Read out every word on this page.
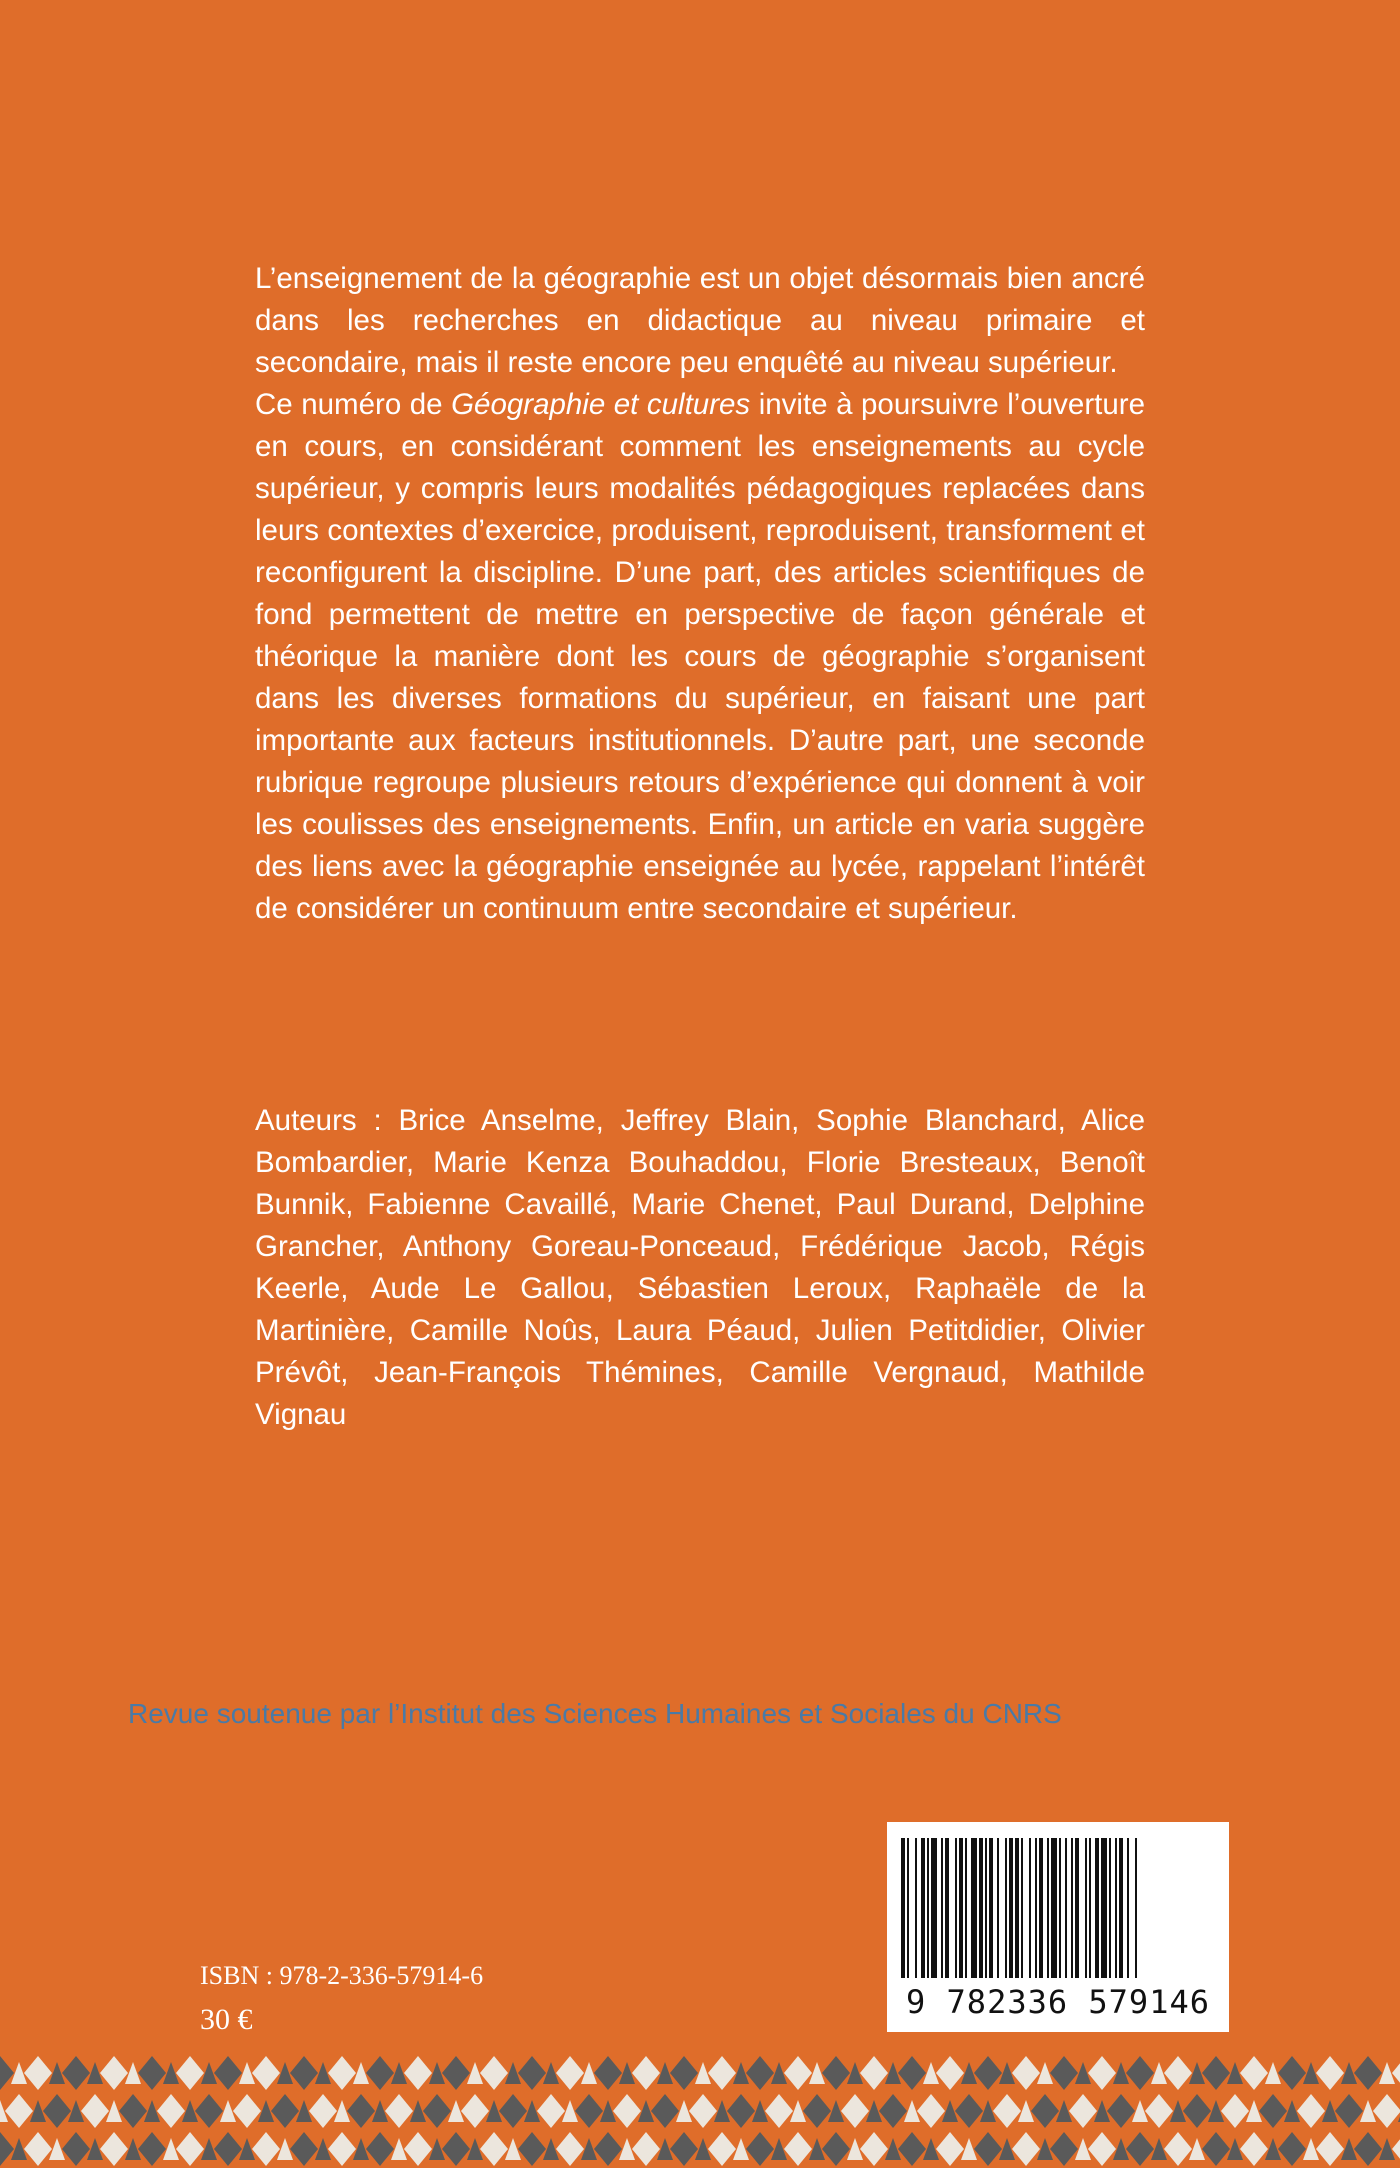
L’enseignement de la géographie est un objet désormais bien ancré dans les recherches en didactique au niveau primaire et secondaire, mais il reste encore peu enquêté au niveau supérieur.

Ce numéro de Géographie et cultures invite à poursuivre l’ouverture en cours, en considérant comment les enseignements au cycle supérieur, y compris leurs modalités pédagogiques replacées dans leurs contextes d’exercice, produisent, reproduisent, transforment et reconfigurent la discipline. D’une part, des articles scientifiques de fond permettent de mettre en perspective de façon générale et théorique la manière dont les cours de géographie s’organisent dans les diverses formations du supérieur, en faisant une part importante aux facteurs institutionnels. D’autre part, une seconde rubrique regroupe plusieurs retours d’expérience qui donnent à voir les coulisses des enseignements. Enfin, un article en varia suggère des liens avec la géographie enseignée au lycée, rappelant l’intérêt de considérer un continuum entre secondaire et supérieur.

Auteurs : Brice Anselme, Jeffrey Blain, Sophie Blanchard, Alice Bombardier, Marie Kenza Bouhaddou, Florie Bresteaux, Benoît Bunnik, Fabienne Cavaillé, Marie Chenet, Paul Durand, Delphine Grancher, Anthony Goreau-Ponceaud, Frédérique Jacob, Régis Keerle, Aude Le Gallou, Sébastien Leroux, Raphaële de la Martinière, Camille Noûs, Laura Péaud, Julien Petitdidier, Olivier Prévôt, Jean-François Thémines, Camille Vergnaud, Mathilde Vignau
Revue soutenue par l’Institut des Sciences Humaines et Sociales du CNRS
ISBN : 978-2-336-57914-6
30 €	9 782336 579146
